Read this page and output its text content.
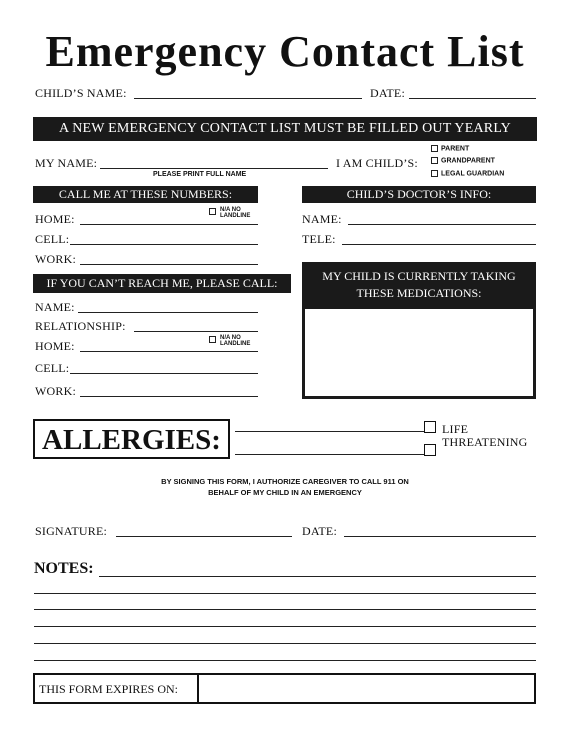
Emergency Contact List
CHILD’S NAME:	DATE:
A NEW EMERGENCY CONTACT LIST MUST BE FILLED OUT YEARLY
MY NAME:
PLEASE PRINT FULL NAME
I AM CHILD’S:
PARENT
GRANDPARENT
LEGAL GUARDIAN
CALL ME AT THESE NUMBERS:
HOME:
N/A NO
LANDLINE
CELL:
WORK:
CHILD’S DOCTOR’S INFO:
NAME:
TELE:
IF YOU CAN’T REACH ME, PLEASE CALL:
NAME:
RELATIONSHIP:
HOME:
N/A NO
LANDLINE
CELL:
WORK:
MY CHILD IS CURRENTLY TAKING
THESE MEDICATIONS:
ALLERGIES:	LIFE
THREATENING
BY SIGNING THIS FORM, I AUTHORIZE CAREGIVER TO CALL 911 ON
BEHALF OF MY CHILD IN AN EMERGENCY
SIGNATURE:	DATE:
NOTES:
THIS FORM EXPIRES ON:
